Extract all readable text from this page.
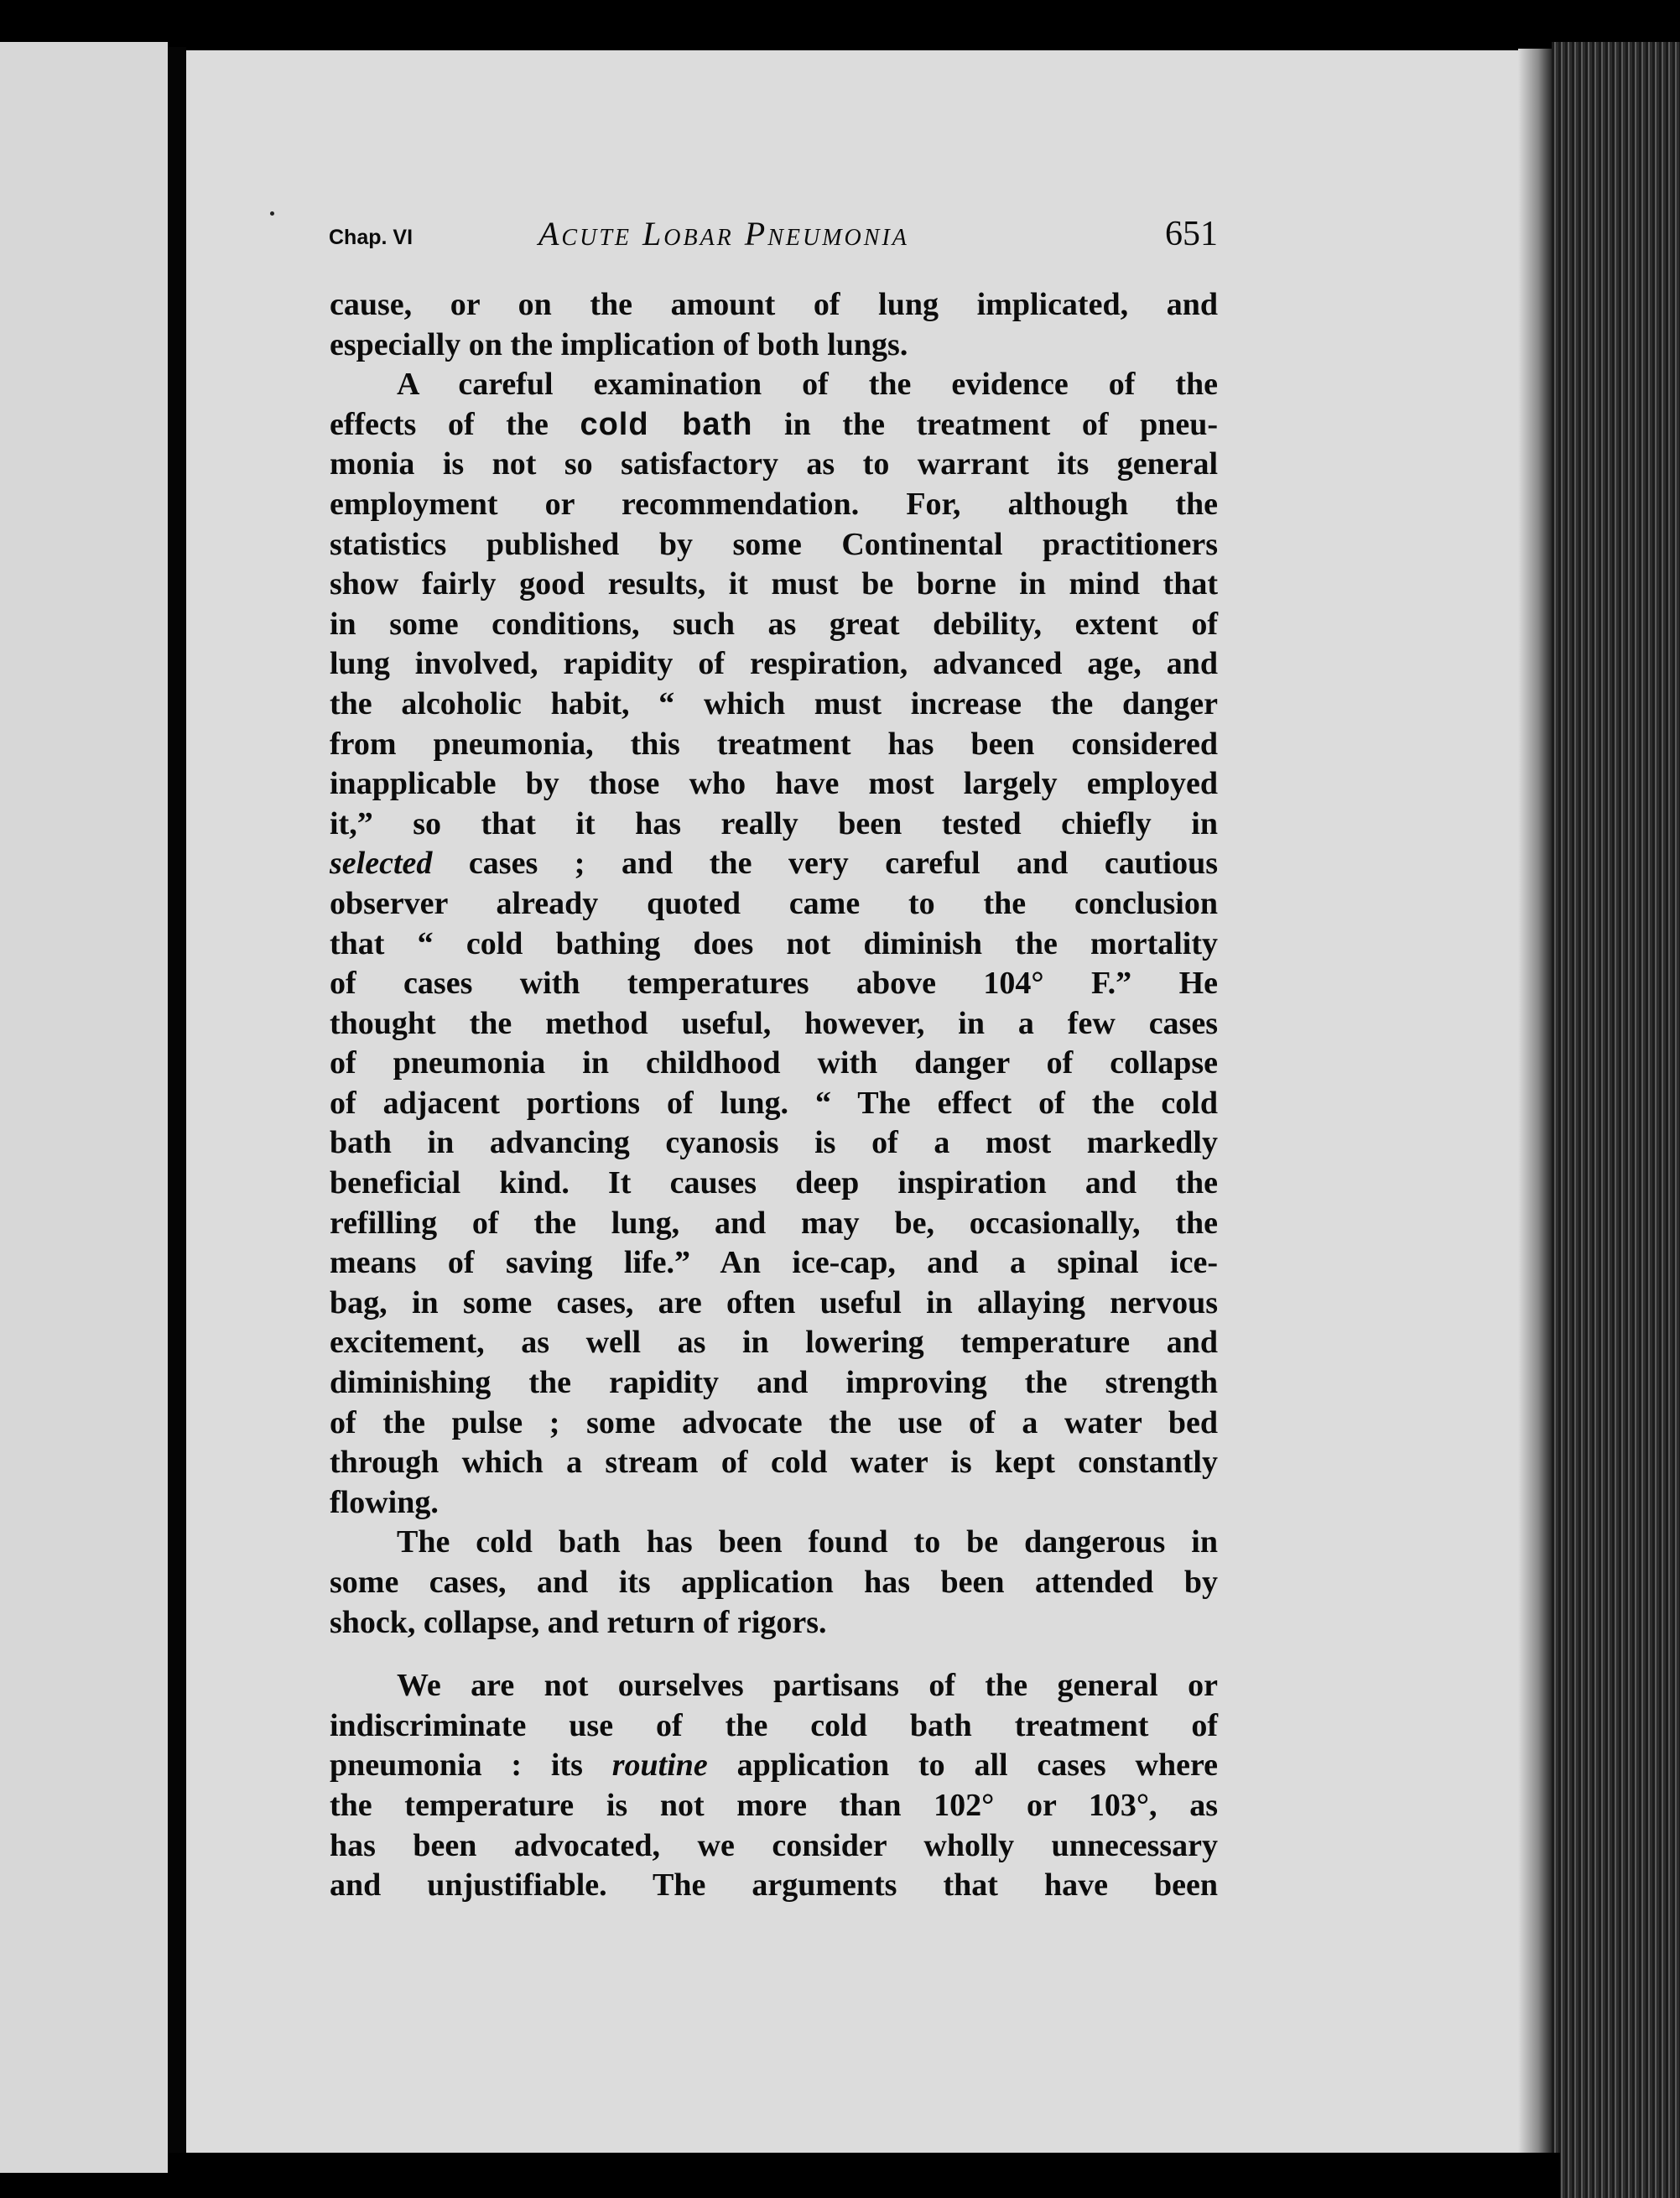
Chap. VI	Acute Lobar Pneumonia	651
cause, or on the amount of lung implicated, and
especially on the implication of both lungs.
A careful examination of the evidence of the
effects of the cold bath in the treatment of pneu-
monia is not so satisfactory as to warrant its general
employment or recommendation. For, although the
statistics published by some Continental practitioners
show fairly good results, it must be borne in mind that
in some conditions, such as great debility, extent of
lung involved, rapidity of respiration, advanced age, and
the alcoholic habit, “ which must increase the danger
from pneumonia, this treatment has been considered
inapplicable by those who have most largely employed
it,” so that it has really been tested chiefly in
selected cases ; and the very careful and cautious
observer already quoted came to the conclusion
that “ cold bathing does not diminish the mortality
of cases with temperatures above 104° F.” He
thought the method useful, however, in a few cases
of pneumonia in childhood with danger of collapse
of adjacent portions of lung. “ The effect of the cold
bath in advancing cyanosis is of a most markedly
beneficial kind. It causes deep inspiration and the
refilling of the lung, and may be, occasionally, the
means of saving life.” An ice-cap, and a spinal ice-
bag, in some cases, are often useful in allaying nervous
excitement, as well as in lowering temperature and
diminishing the rapidity and improving the strength
of the pulse ; some advocate the use of a water bed
through which a stream of cold water is kept constantly
flowing.
The cold bath has been found to be dangerous in
some cases, and its application has been attended by
shock, collapse, and return of rigors.
We are not ourselves partisans of the general or
indiscriminate use of the cold bath treatment of
pneumonia : its routine application to all cases where
the temperature is not more than 102° or 103°, as
has been advocated, we consider wholly unnecessary
and unjustifiable. The arguments that have been
